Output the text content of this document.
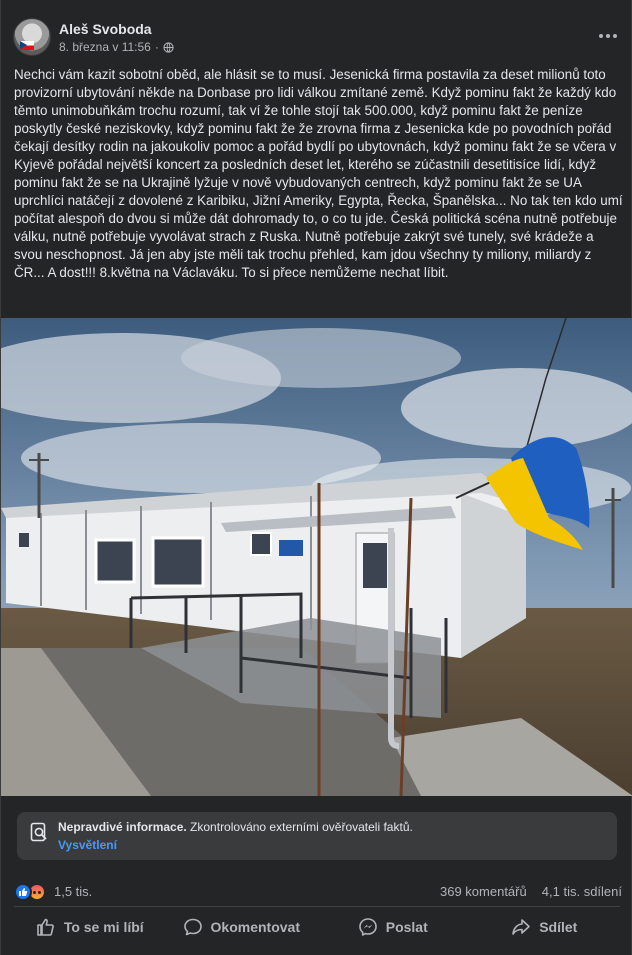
Aleš Svoboda
8. března v 11:56 ·
Nechci vám kazit sobotní oběd, ale hlásit se to musí. Jesenická firma postavila za deset milionů toto provizorní ubytování někde na Donbase pro lidi válkou zmítané země. Když pominu fakt že každý kdo těmto unimobuňkám trochu rozumí, tak ví že tohle stojí tak 500.000, když pominu fakt že peníze poskytly české neziskovky, když pominu fakt že že zrovna firma z Jesenicka kde po povodních pořád čekají desítky rodin na jakoukoliv pomoc a pořád bydlí po ubytovnách, když pominu fakt že se včera v Kyjevě pořádal největší koncert za posledních deset let, kterého se zúčastnili desetitisíce lidí, když pominu fakt že se na Ukrajině lyžuje v nově vybudovaných centrech, když pominu fakt že se UA uprchlíci natáčejí z dovolené z Karibiku, Jižní Ameriky, Egypta, Řecka, Španělska... No tak ten kdo umí počítat alespoň do dvou si může dát dohromady to, o co tu jde. Česká politická scéna nutně potřebuje válku, nutně potřebuje vyvolávat strach z Ruska. Nutně potřebuje zakrýt své tunely, své krádeže a svou neschopnost. Já jen aby jste měli tak trochu přehled, kam jdou všechny ty miliony, miliardy z ČR... A dost!!! 8.května na Václaváku. To si přece nemůžeme nechat líbit.
Nepravdivé informace. Zkontrolováno externími ověřovateli faktů.
Vysvětlení
1,5 tis.	369 komentářů 4,1 tis. sdílení
To se mi líbí	Okomentovat	Poslat	Sdílet
